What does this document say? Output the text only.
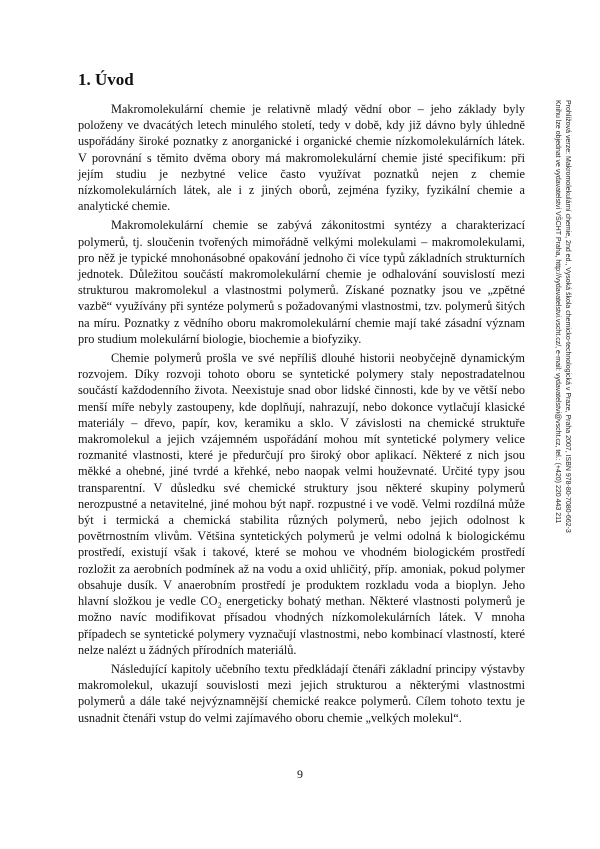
1. Úvod

Makromolekulární chemie je relativně mladý vědní obor – jeho základy byly položeny ve dvacátých letech minulého století, tedy v době, kdy již dávno byly úhledně uspořádány široké poznatky z anorganické i organické chemie nízkomolekulárních látek. V porovnání s těmito dvěma obory má makromolekulární chemie jisté specifikum: při jejím studiu je nezbytné velice často využívat poznatků nejen z chemie nízkomolekulárních látek, ale i z jiných oborů, zejména fyziky, fyzikální chemie a analytické chemie.

Makromolekulární chemie se zabývá zákonitostmi syntézy a charakterizací polymerů, tj. sloučenin tvořených mimořádně velkými molekulami – makromolekulami, pro něž je typické mnohonásobné opakování jednoho či více typů základních strukturních jednotek. Důležitou součástí makromolekulární chemie je odhalování souvislostí mezi strukturou makromolekul a vlastnostmi polymerů. Získané poznatky jsou ve „zpětné vazbě“ využívány při syntéze polymerů s požadovanými vlastnostmi, tzv. polymerů šitých na míru. Poznatky z vědního oboru makromolekulární chemie mají také zásadní význam pro studium molekulární biologie, biochemie a biofyziky.

Chemie polymerů prošla ve své nepříliš dlouhé historii neobyčejně dynamickým rozvojem. Díky rozvoji tohoto oboru se syntetické polymery staly nepostradatelnou součástí každodenního života. Neexistuje snad obor lidské činnosti, kde by ve větší nebo menší míře nebyly zastoupeny, kde doplňují, nahrazují, nebo dokonce vytlačují klasické materiály – dřevo, papír, kov, keramiku a sklo. V závislosti na chemické struktuře makromolekul a jejich vzájemném uspořádání mohou mít syntetické polymery velice rozmanité vlastnosti, které je předurčují pro široký obor aplikací. Některé z nich jsou měkké a ohebné, jiné tvrdé a křehké, nebo naopak velmi houževnaté. Určité typy jsou transparentní. V důsledku své chemické struktury jsou některé skupiny polymerů nerozpustné a netavitelné, jiné mohou být např. rozpustné i ve vodě. Velmi rozdílná může být i termická a chemická stabilita různých polymerů, nebo jejich odolnost k povětrnostním vlivům. Většina syntetických polymerů je velmi odolná k biologickému prostředí, existují však i takové, které se mohou ve vhodném biologickém prostředí rozložit za aerobních podmínek až na vodu a oxid uhličitý, příp. amoniak, pokud polymer obsahuje dusík. V anaerobním prostředí je produktem rozkladu voda a bioplyn. Jeho hlavní složkou je vedle CO₂ energeticky bohatý methan. Některé vlastnosti polymerů je možno navíc modifikovat přísadou vhodných nízkomolekulárních látek. V mnoha případech se syntetické polymery vyznačují vlastnostmi, nebo kombinací vlastností, které nelze nalézt u žádných přírodních materiálů.

Následující kapitoly učebního textu předkládají čtenáři základní principy výstavby makromolekul, ukazují souvislosti mezi jejich strukturou a některými vlastnostmi polymerů a dále také nejvýznamnější chemické reakce polymerů. Cílem tohoto textu je usnadnit čtenáři vstup do velmi zajímavého oboru chemie „velkých molekul“.

9
Prohlížová verze: Makromolekulární chemie, 2nd ed., Vysoká škola chemicko-technologická v Praze, Praha 2007, ISBN 978-80-7080-662-3
Knihu lze objednat ve vydavatelství VŠCHT Praha, http://vydavatelstvi.vscht.cz/, e-mail: vydavatelstvi@vscht.cz, tel.: (+420) 220 443 211
